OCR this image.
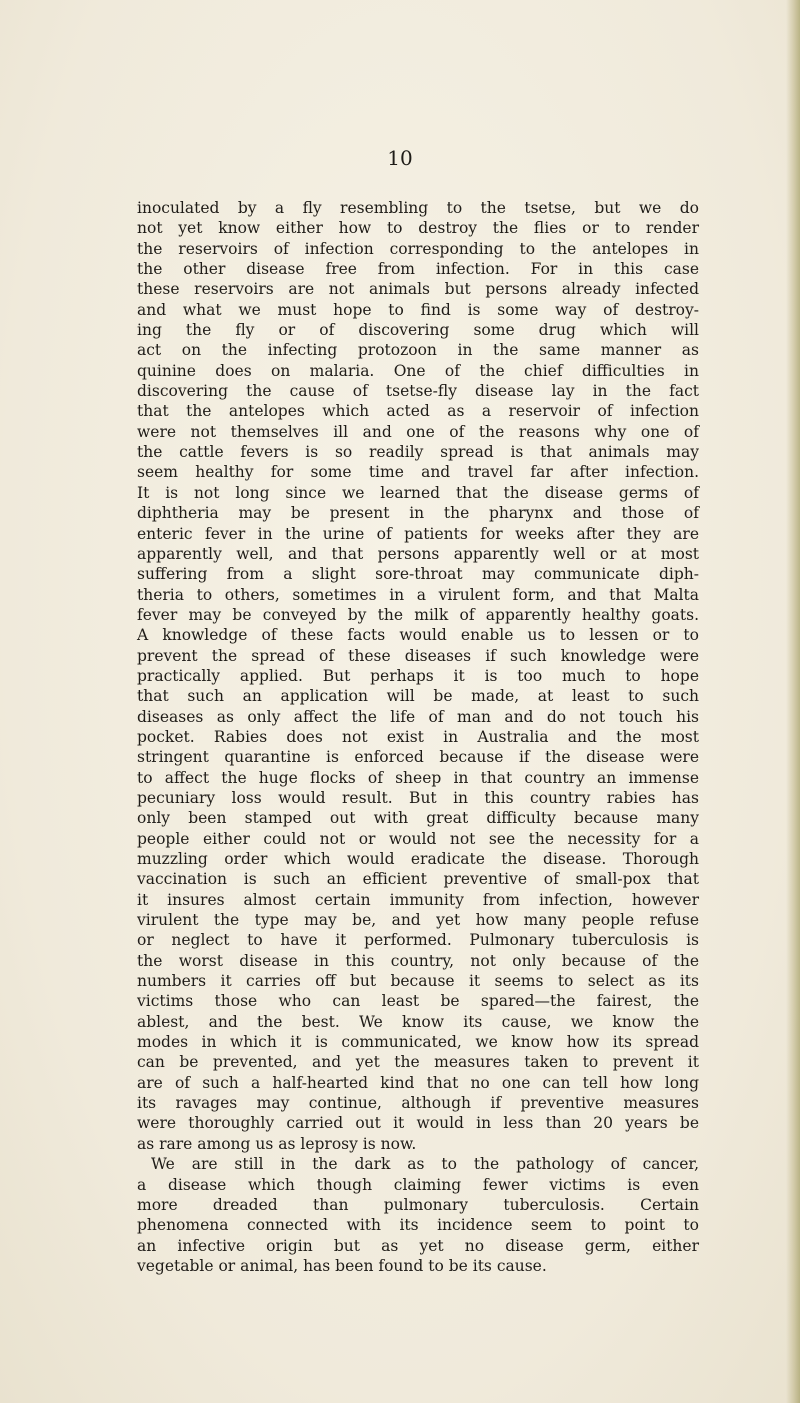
10
inoculated by a fly resembling to the tsetse, but we do
not yet know either how to destroy the flies or to render
the reservoirs of infection corresponding to the antelopes in
the other disease free from infection. For in this case
these reservoirs are not animals but persons already infected
and what we must hope to find is some way of destroy-
ing the fly or of discovering some drug which will
act on the infecting protozoon in the same manner as
quinine does on malaria. One of the chief difficulties in
discovering the cause of tsetse-fly disease lay in the fact
that the antelopes which acted as a reservoir of infection
were not themselves ill and one of the reasons why one of
the cattle fevers is so readily spread is that animals may
seem healthy for some time and travel far after infection.
It is not long since we learned that the disease germs of
diphtheria may be present in the pharynx and those of
enteric fever in the urine of patients for weeks after they are
apparently well, and that persons apparently well or at most
suffering from a slight sore-throat may communicate diph-
theria to others, sometimes in a virulent form, and that Malta
fever may be conveyed by the milk of apparently healthy goats.
A knowledge of these facts would enable us to lessen or to
prevent the spread of these diseases if such knowledge were
practically applied. But perhaps it is too much to hope
that such an application will be made, at least to such
diseases as only affect the life of man and do not touch his
pocket. Rabies does not exist in Australia and the most
stringent quarantine is enforced because if the disease were
to affect the huge flocks of sheep in that country an immense
pecuniary loss would result. But in this country rabies has
only been stamped out with great difficulty because many
people either could not or would not see the necessity for a
muzzling order which would eradicate the disease. Thorough
vaccination is such an efficient preventive of small-pox that
it insures almost certain immunity from infection, however
virulent the type may be, and yet how many people refuse
or neglect to have it performed. Pulmonary tuberculosis is
the worst disease in this country, not only because of the
numbers it carries off but because it seems to select as its
victims those who can least be spared—the fairest, the
ablest, and the best. We know its cause, we know the
modes in which it is communicated, we know how its spread
can be prevented, and yet the measures taken to prevent it
are of such a half-hearted kind that no one can tell how long
its ravages may continue, although if preventive measures
were thoroughly carried out it would in less than 20 years be
as rare among us as leprosy is now.
We are still in the dark as to the pathology of cancer,
a disease which though claiming fewer victims is even
more dreaded than pulmonary tuberculosis. Certain
phenomena connected with its incidence seem to point to
an infective origin but as yet no disease germ, either
vegetable or animal, has been found to be its cause.
